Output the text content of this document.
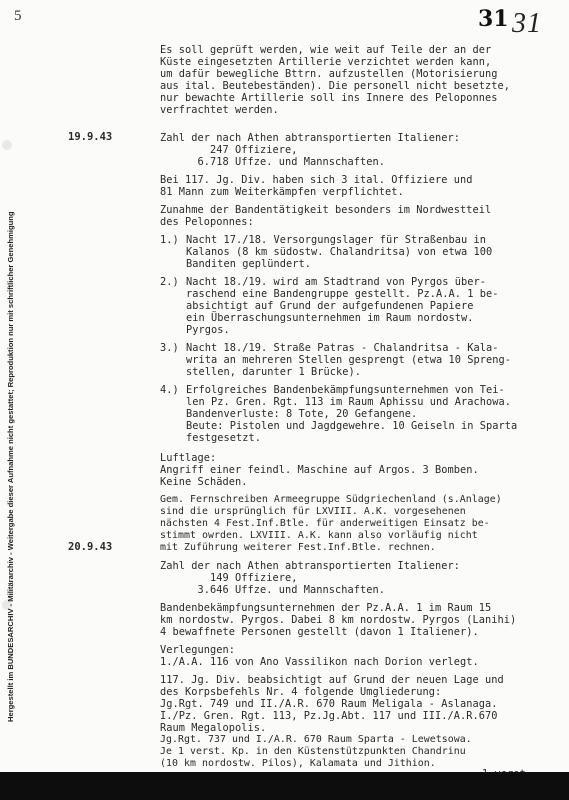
5	31 31
Hergestellt im BUNDESARCHIV - Militärarchiv - Weitergabe dieser Aufnahme nicht gestattet; Reproduktion nur mit schriftlicher Genehmigung
Es soll geprüft werden, wie weit auf Teile der an der
Küste eingesetzten Artillerie verzichtet werden kann,
um dafür bewegliche Bttrn. aufzustellen (Motorisierung
aus ital. Beutebeständen). Die personell nicht besetzte,
nur bewachte Artillerie soll ins Innere des Peloponnes
verfrachtet werden.
19.9.43	Zahl der nach Athen abtransportierten Italiener:
247 Offiziere,
6.718 Uffze. und Mannschaften.
Bei 117. Jg. Div. haben sich 3 ital. Offiziere und
81 Mann zum Weiterkämpfen verpflichtet.
Zunahme der Bandentätigkeit besonders im Nordwestteil
des Peloponnes:
1.) Nacht 17./18. Versorgungslager für Straßenbau in
Kalanos (8 km südostw. Chalandritsa) von etwa 100
Banditen geplündert.
2.) Nacht 18./19. wird am Stadtrand von Pyrgos über-
raschend eine Bandengruppe gestellt. Pz.A.A. 1 be-
absichtigt auf Grund der aufgefundenen Papiere
ein Überraschungsunternehmen im Raum nordostw.
Pyrgos.
3.) Nacht 18./19. Straße Patras - Chalandritsa - Kala-
writa an mehreren Stellen gesprengt (etwa 10 Spreng-
stellen, darunter 1 Brücke).
4.) Erfolgreiches Bandenbekämpfungsunternehmen von Tei-
len Pz. Gren. Rgt. 113 im Raum Aphissu und Arachowa.
Bandenverluste: 8 Tote, 20 Gefangene.
Beute: Pistolen und Jagdgewehre. 10 Geiseln in Sparta
festgesetzt.
Luftlage:
Angriff einer feindl. Maschine auf Argos. 3 Bomben.
Keine Schäden.
Gem. Fernschreiben Armeegruppe Südgriechenland (s.Anlage)
sind die ursprünglich für LXVIII. A.K. vorgesehenen
nächsten 4 Fest.Inf.Btle. für anderweitigen Einsatz be-
stimmt owrden. LXVIII. A.K. kann also vorläufig nicht
mit Zuführung weiterer Fest.Inf.Btle. rechnen.
20.9.43
Zahl der nach Athen abtransportierten Italiener:
149 Offiziere,
3.646 Uffze. und Mannschaften.
Bandenbekämpfungsunternehmen der Pz.A.A. 1 im Raum 15
km nordostw. Pyrgos. Dabei 8 km nordostw. Pyrgos (Lanihi)
4 bewaffnete Personen gestellt (davon 1 Italiener).
Verlegungen:
1./A.A. 116 von Ano Vassilikon nach Dorion verlegt.
117. Jg. Div. beabsichtigt auf Grund der neuen Lage und
des Korpsbefehls Nr. 4 folgende Umgliederung:
Jg.Rgt. 749 und II./A.R. 670 Raum Meligala - Aslanaga.
I./Pz. Gren. Rgt. 113, Pz.Jg.Abt. 117 und III./A.R.670
Raum Megalopolis.
Jg.Rgt. 737 und I./A.R. 670 Raum Sparta - Lewetsowa.
Je 1 verst. Kp. in den Küstenstützpunkten Chandrinu
(10 km nordostw. Pilos), Kalamata und Jithion.
